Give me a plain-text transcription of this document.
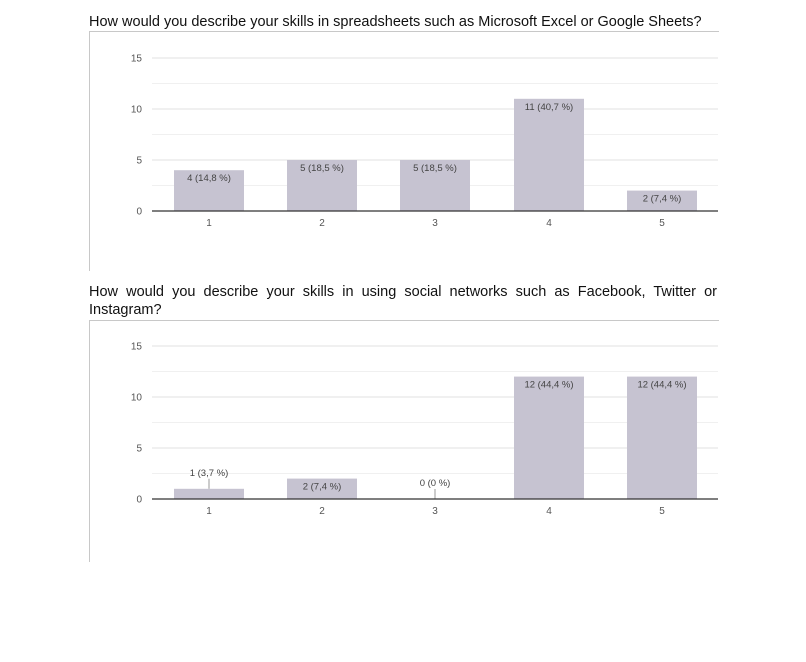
How would you describe your skills in spreadsheets such as Microsoft Excel or Google Sheets?
0
5
10
15
4 (14,8 %)
1
5 (18,5 %)
2
5 (18,5 %)
3
11 (40,7 %)
4
2 (7,4 %)
5
How would you describe your skills in using social networks such as Facebook, Twitter or Instagram?
0
5
10
15
1 (3,7 %)
1
2 (7,4 %)
2
0 (0 %)
3
12 (44,4 %)
4
12 (44,4 %)
5
